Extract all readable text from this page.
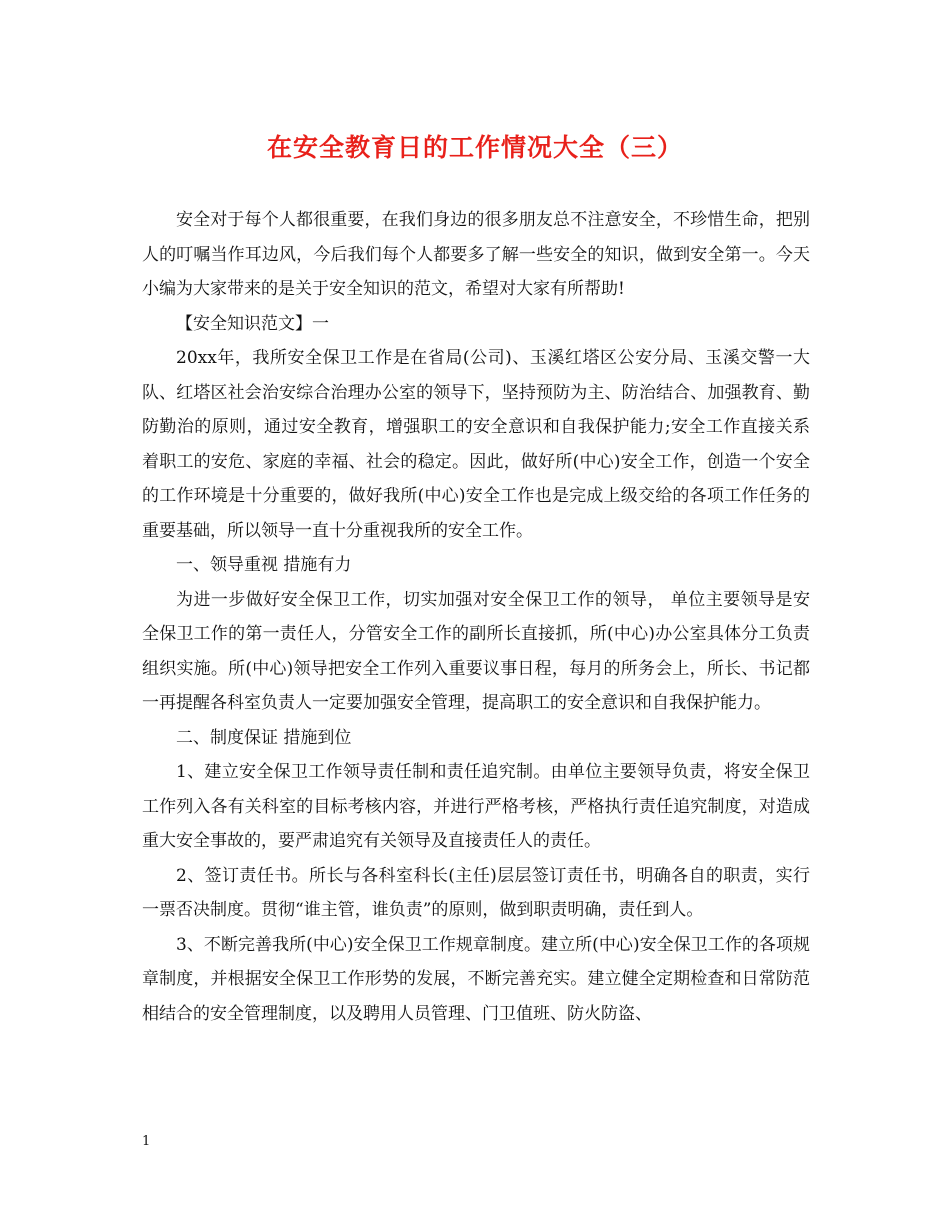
在安全教育日的工作情况大全（三）

安全对于每个人都很重要，在我们身边的很多朋友总不注意安全，不珍惜生命，把别人的叮嘱当作耳边风，今后我们每个人都要多了解一些安全的知识，做到安全第一。今天小编为大家带来的是关于安全知识的范文，希望对大家有所帮助!

【安全知识范文】一

20xx年，我所安全保卫工作是在省局(公司)、玉溪红塔区公安分局、玉溪交警一大队、红塔区社会治安综合治理办公室的领导下，坚持预防为主、防治结合、加强教育、勤防勤治的原则，通过安全教育，增强职工的安全意识和自我保护能力;安全工作直接关系着职工的安危、家庭的幸福、社会的稳定。因此，做好所(中心)安全工作，创造一个安全的工作环境是十分重要的，做好我所(中心)安全工作也是完成上级交给的各项工作任务的重要基础，所以领导一直十分重视我所的安全工作。

一、领导重视 措施有力

为进一步做好安全保卫工作，切实加强对安全保卫工作的领导， 单位主要领导是安全保卫工作的第一责任人，分管安全工作的副所长直接抓，所(中心)办公室具体分工负责组织实施。所(中心)领导把安全工作列入重要议事日程，每月的所务会上，所长、书记都一再提醒各科室负责人一定要加强安全管理，提高职工的安全意识和自我保护能力。

二、制度保证 措施到位

1、建立安全保卫工作领导责任制和责任追究制。由单位主要领导负责，将安全保卫工作列入各有关科室的目标考核内容，并进行严格考核，严格执行责任追究制度，对造成重大安全事故的，要严肃追究有关领导及直接责任人的责任。

2、签订责任书。所长与各科室科长(主任)层层签订责任书，明确各自的职责，实行一票否决制度。贯彻“谁主管，谁负责”的原则，做到职责明确，责任到人。

3、不断完善我所(中心)安全保卫工作规章制度。建立所(中心)安全保卫工作的各项规章制度，并根据安全保卫工作形势的发展，不断完善充实。建立健全定期检查和日常防范相结合的安全管理制度，以及聘用人员管理、门卫值班、防火防盗、

1
